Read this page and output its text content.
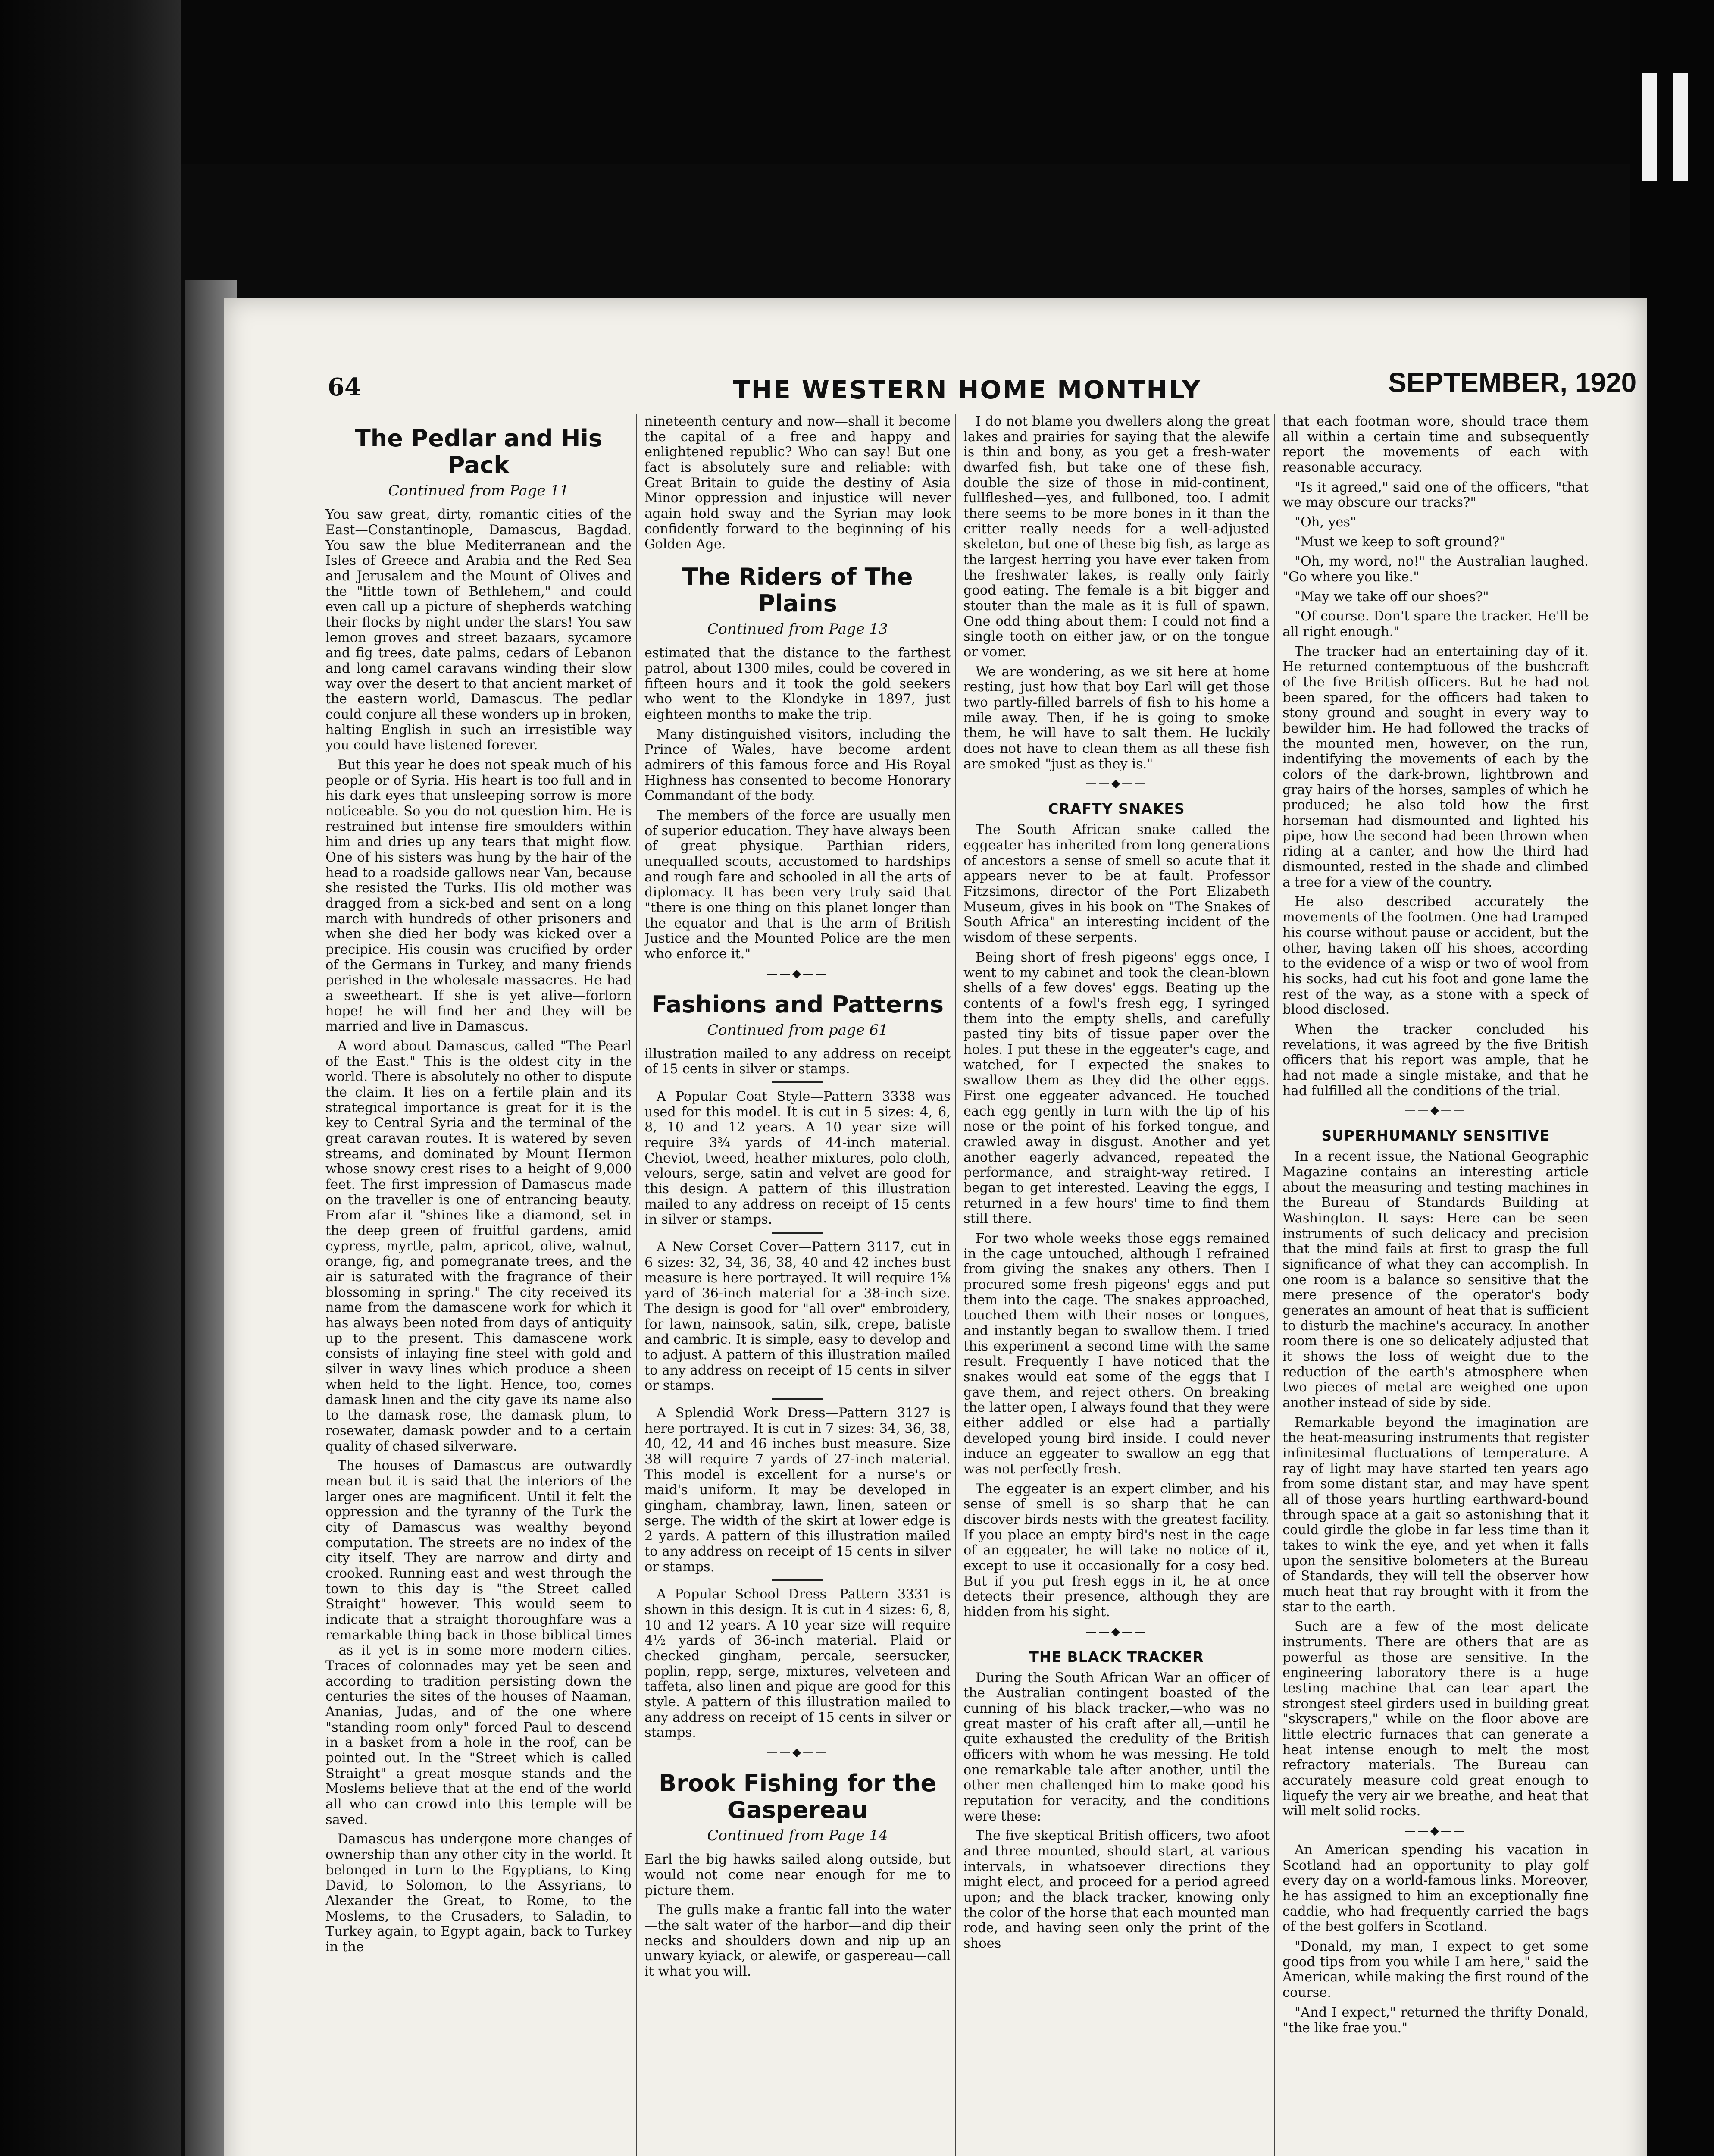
64	THE WESTERN HOME MONTHLY	SEPTEMBER, 1920
The Pedlar and His Pack
Continued from Page 11

You saw great, dirty, romantic cities of the East—Constantinople, Damascus, Bagdad. You saw the blue Mediterranean and the Isles of Greece and Arabia and the Red Sea and Jerusalem and the Mount of Olives and the "little town of Bethlehem," and could even call up a picture of shepherds watching their flocks by night under the stars! You saw lemon groves and street bazaars, sycamore and fig trees, date palms, cedars of Lebanon and long camel caravans winding their slow way over the desert to that ancient market of the eastern world, Damascus. The pedlar could conjure all these wonders up in broken, halting English in such an irresistible way you could have listened forever.

But this year he does not speak much of his people or of Syria. His heart is too full and in his dark eyes that unsleeping sorrow is more noticeable. So you do not question him. He is restrained but intense fire smoulders within him and dries up any tears that might flow. One of his sisters was hung by the hair of the head to a roadside gallows near Van, because she resisted the Turks. His old mother was dragged from a sick-bed and sent on a long march with hundreds of other prisoners and when she died her body was kicked over a precipice. His cousin was crucified by order of the Germans in Turkey, and many friends perished in the wholesale massacres. He had a sweetheart. If she is yet alive—forlorn hope!—he will find her and they will be married and live in Damascus.

A word about Damascus, called "The Pearl of the East." This is the oldest city in the world. There is absolutely no other to dispute the claim. It lies on a fertile plain and its strategical importance is great for it is the key to Central Syria and the terminal of the great caravan routes. It is watered by seven streams, and dominated by Mount Hermon whose snowy crest rises to a height of 9,000 feet. The first impression of Damascus made on the traveller is one of entrancing beauty. From afar it "shines like a diamond, set in the deep green of fruitful gardens, amid cypress, myrtle, palm, apricot, olive, walnut, orange, fig, and pomegranate trees, and the air is saturated with the fragrance of their blossoming in spring." The city received its name from the damascene work for which it has always been noted from days of antiquity up to the present. This damascene work consists of inlaying fine steel with gold and silver in wavy lines which produce a sheen when held to the light. Hence, too, comes damask linen and the city gave its name also to the damask rose, the damask plum, to rosewater, damask powder and to a certain quality of chased silverware.

The houses of Damascus are outwardly mean but it is said that the interiors of the larger ones are magnificent. Until it felt the oppression and the tyranny of the Turk the city of Damascus was wealthy beyond computation. The streets are no index of the city itself. They are narrow and dirty and crooked. Running east and west through the town to this day is "the Street called Straight" however. This would seem to indicate that a straight thoroughfare was a remarkable thing back in those biblical times—as it yet is in some more modern cities. Traces of colonnades may yet be seen and according to tradition persisting down the centuries the sites of the houses of Naaman, Ananias, Judas, and of the one where "standing room only" forced Paul to descend in a basket from a hole in the roof, can be pointed out. In the "Street which is called Straight" a great mosque stands and the Moslems believe that at the end of the world all who can crowd into this temple will be saved.

Damascus has undergone more changes of ownership than any other city in the world. It belonged in turn to the Egyptians, to King David, to Solomon, to the Assyrians, to Alexander the Great, to Rome, to the Moslems, to the Crusaders, to Saladin, to Turkey again, to Egypt again, back to Turkey in the

nineteenth century and now—shall it become the capital of a free and happy and enlightened republic? Who can say! But one fact is absolutely sure and reliable: with Great Britain to guide the destiny of Asia Minor oppression and injustice will never again hold sway and the Syrian may look confidently forward to the beginning of his Golden Age.

The Riders of The Plains
Continued from Page 13

estimated that the distance to the farthest patrol, about 1300 miles, could be covered in fifteen hours and it took the gold seekers who went to the Klondyke in 1897, just eighteen months to make the trip.

Many distinguished visitors, including the Prince of Wales, have become ardent admirers of this famous force and His Royal Highness has consented to become Honorary Commandant of the body.

The members of the force are usually men of superior education. They have always been of great physique. Parthian riders, unequalled scouts, accustomed to hardships and rough fare and schooled in all the arts of diplomacy. It has been very truly said that "there is one thing on this planet longer than the equator and that is the arm of British Justice and the Mounted Police are the men who enforce it."

——◆——
Fashions and Patterns
Continued from page 61

illustration mailed to any address on receipt of 15 cents in silver or stamps.

A Popular Coat Style—Pattern 3338 was used for this model. It is cut in 5 sizes: 4, 6, 8, 10 and 12 years. A 10 year size will require 3¾ yards of 44-inch material. Cheviot, tweed, heather mixtures, polo cloth, velours, serge, satin and velvet are good for this design. A pattern of this illustration mailed to any address on receipt of 15 cents in silver or stamps.

A New Corset Cover—Pattern 3117, cut in 6 sizes: 32, 34, 36, 38, 40 and 42 inches bust measure is here portrayed. It will require 1⅝ yard of 36-inch material for a 38-inch size. The design is good for "all over" embroidery, for lawn, nainsook, satin, silk, crepe, batiste and cambric. It is simple, easy to develop and to adjust. A pattern of this illustration mailed to any address on receipt of 15 cents in silver or stamps.

A Splendid Work Dress—Pattern 3127 is here portrayed. It is cut in 7 sizes: 34, 36, 38, 40, 42, 44 and 46 inches bust measure. Size 38 will require 7 yards of 27-inch material. This model is excellent for a nurse's or maid's uniform. It may be developed in gingham, chambray, lawn, linen, sateen or serge. The width of the skirt at lower edge is 2 yards. A pattern of this illustration mailed to any address on receipt of 15 cents in silver or stamps.

A Popular School Dress—Pattern 3331 is shown in this design. It is cut in 4 sizes: 6, 8, 10 and 12 years. A 10 year size will require 4½ yards of 36-inch material. Plaid or checked gingham, percale, seersucker, poplin, repp, serge, mixtures, velveteen and taffeta, also linen and pique are good for this style. A pattern of this illustration mailed to any address on receipt of 15 cents in silver or stamps.

——◆——
Brook Fishing for the Gaspereau
Continued from Page 14

Earl the big hawks sailed along outside, but would not come near enough for me to picture them.

The gulls make a frantic fall into the water—the salt water of the harbor—and dip their necks and shoulders down and nip up an unwary kyiack, or alewife, or gaspereau—call it what you will.

I do not blame you dwellers along the great lakes and prairies for saying that the alewife is thin and bony, as you get a fresh-water dwarfed fish, but take one of these fish, double the size of those in mid-continent, fullfleshed—yes, and fullboned, too. I admit there seems to be more bones in it than the critter really needs for a well-adjusted skeleton, but one of these big fish, as large as the largest herring you have ever taken from the freshwater lakes, is really only fairly good eating. The female is a bit bigger and stouter than the male as it is full of spawn. One odd thing about them: I could not find a single tooth on either jaw, or on the tongue or vomer.

We are wondering, as we sit here at home resting, just how that boy Earl will get those two partly-filled barrels of fish to his home a mile away. Then, if he is going to smoke them, he will have to salt them. He luckily does not have to clean them as all these fish are smoked "just as they is."

——◆——
CRAFTY SNAKES

The South African snake called the eggeater has inherited from long generations of ancestors a sense of smell so acute that it appears never to be at fault. Professor Fitzsimons, director of the Port Elizabeth Museum, gives in his book on "The Snakes of South Africa" an interesting incident of the wisdom of these serpents.

Being short of fresh pigeons' eggs once, I went to my cabinet and took the clean-blown shells of a few doves' eggs. Beating up the contents of a fowl's fresh egg, I syringed them into the empty shells, and carefully pasted tiny bits of tissue paper over the holes. I put these in the eggeater's cage, and watched, for I expected the snakes to swallow them as they did the other eggs. First one eggeater advanced. He touched each egg gently in turn with the tip of his nose or the point of his forked tongue, and crawled away in disgust. Another and yet another eagerly advanced, repeated the performance, and straight-way retired. I began to get interested. Leaving the eggs, I returned in a few hours' time to find them still there.

For two whole weeks those eggs remained in the cage untouched, although I refrained from giving the snakes any others. Then I procured some fresh pigeons' eggs and put them into the cage. The snakes approached, touched them with their noses or tongues, and instantly began to swallow them. I tried this experiment a second time with the same result. Frequently I have noticed that the snakes would eat some of the eggs that I gave them, and reject others. On breaking the latter open, I always found that they were either addled or else had a partially developed young bird inside. I could never induce an eggeater to swallow an egg that was not perfectly fresh.

The eggeater is an expert climber, and his sense of smell is so sharp that he can discover birds nests with the greatest facility. If you place an empty bird's nest in the cage of an eggeater, he will take no notice of it, except to use it occasionally for a cosy bed. But if you put fresh eggs in it, he at once detects their presence, although they are hidden from his sight.

——◆——
THE BLACK TRACKER

During the South African War an officer of the Australian contingent boasted of the cunning of his black tracker,—who was no great master of his craft after all,—until he quite exhausted the credulity of the British officers with whom he was messing. He told one remarkable tale after another, until the other men challenged him to make good his reputation for veracity, and the conditions were these:

The five skeptical British officers, two afoot and three mounted, should start, at various intervals, in whatsoever directions they might elect, and proceed for a period agreed upon; and the black tracker, knowing only the color of the horse that each mounted man rode, and having seen only the print of the shoes

that each footman wore, should trace them all within a certain time and subsequently report the movements of each with reasonable accuracy.

"Is it agreed," said one of the officers, "that we may obscure our tracks?"

"Oh, yes"

"Must we keep to soft ground?"

"Oh, my word, no!" the Australian laughed. "Go where you like."

"May we take off our shoes?"

"Of course. Don't spare the tracker. He'll be all right enough."

The tracker had an entertaining day of it. He returned contemptuous of the bushcraft of the five British officers. But he had not been spared, for the officers had taken to stony ground and sought in every way to bewilder him. He had followed the tracks of the mounted men, however, on the run, indentifying the movements of each by the colors of the dark-brown, lightbrown and gray hairs of the horses, samples of which he produced; he also told how the first horseman had dismounted and lighted his pipe, how the second had been thrown when riding at a canter, and how the third had dismounted, rested in the shade and climbed a tree for a view of the country.

He also described accurately the movements of the footmen. One had tramped his course without pause or accident, but the other, having taken off his shoes, according to the evidence of a wisp or two of wool from his socks, had cut his foot and gone lame the rest of the way, as a stone with a speck of blood disclosed.

When the tracker concluded his revelations, it was agreed by the five British officers that his report was ample, that he had not made a single mistake, and that he had fulfilled all the conditions of the trial.

——◆——
SUPERHUMANLY SENSITIVE

In a recent issue, the National Geographic Magazine contains an interesting article about the measuring and testing machines in the Bureau of Standards Building at Washington. It says: Here can be seen instruments of such delicacy and precision that the mind fails at first to grasp the full significance of what they can accomplish. In one room is a balance so sensitive that the mere presence of the operator's body generates an amount of heat that is sufficient to disturb the machine's accuracy. In another room there is one so delicately adjusted that it shows the loss of weight due to the reduction of the earth's atmosphere when two pieces of metal are weighed one upon another instead of side by side.

Remarkable beyond the imagination are the heat-measuring instruments that register infinitesimal fluctuations of temperature. A ray of light may have started ten years ago from some distant star, and may have spent all of those years hurtling earthward-bound through space at a gait so astonishing that it could girdle the globe in far less time than it takes to wink the eye, and yet when it falls upon the sensitive bolometers at the Bureau of Standards, they will tell the observer how much heat that ray brought with it from the star to the earth.

Such are a few of the most delicate instruments. There are others that are as powerful as those are sensitive. In the engineering laboratory there is a huge testing machine that can tear apart the strongest steel girders used in building great "skyscrapers," while on the floor above are little electric furnaces that can generate a heat intense enough to melt the most refractory materials. The Bureau can accurately measure cold great enough to liquefy the very air we breathe, and heat that will melt solid rocks.

——◆——

An American spending his vacation in Scotland had an opportunity to play golf every day on a world-famous links. Moreover, he has assigned to him an exceptionally fine caddie, who had frequently carried the bags of the best golfers in Scotland.

"Donald, my man, I expect to get some good tips from you while I am here," said the American, while making the first round of the course.

"And I expect," returned the thrifty Donald, "the like frae you."
